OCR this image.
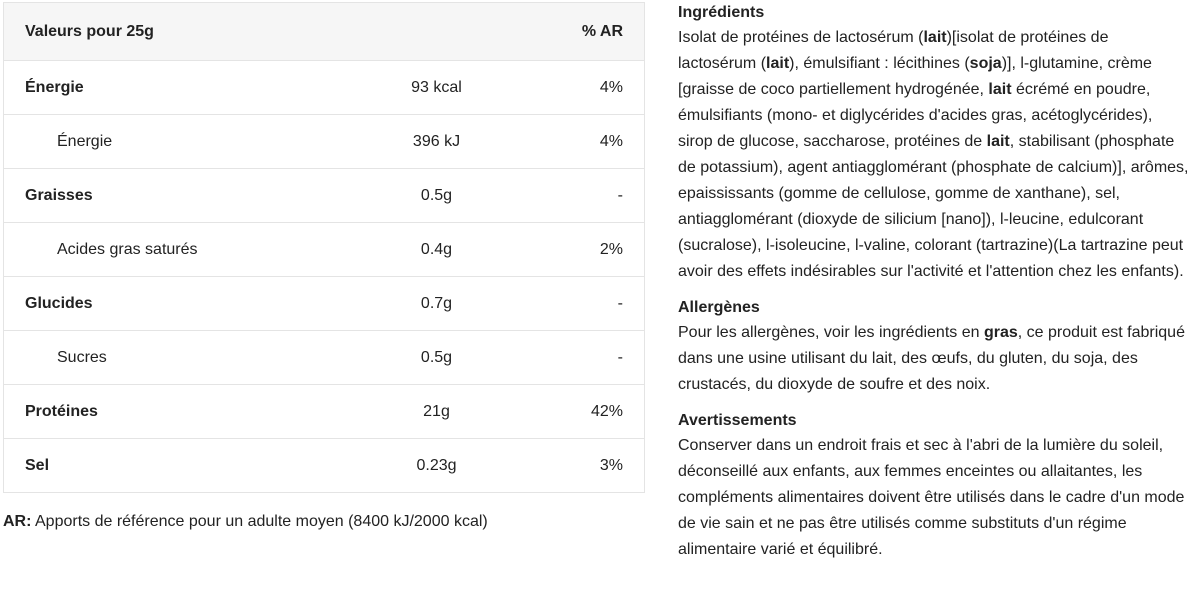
Valeurs pour 25g	% AR
Énergie	93 kcal	4%
Énergie	396 kJ	4%
Graisses	0.5g	-
Acides gras saturés	0.4g	2%
Glucides	0.7g	-
Sucres	0.5g	-
Protéines	21g	42%
Sel	0.23g	3%

AR: Apports de référence pour un adulte moyen (8400 kJ/2000 kcal)

Ingrédients

Isolat de protéines de lactosérum (lait)[isolat de protéines de lactosérum (lait), émulsifiant : lécithines (soja)], l-glutamine, crème [graisse de coco partiellement hydrogénée, lait écrémé en poudre, émulsifiants (mono- et diglycérides d'acides gras, acétoglycérides), sirop de glucose, saccharose, protéines de lait, stabilisant (phosphate de potassium), agent antiagglomérant (phosphate de calcium)], arômes, epaississants (gomme de cellulose, gomme de xanthane), sel, antiagglomérant (dioxyde de silicium [nano]), l-leucine, edulcorant (sucralose), l-isoleucine, l-valine, colorant (tartrazine)(La tartrazine peut avoir des effets indésirables sur l'activité et l'attention chez les enfants).

Allergènes

Pour les allergènes, voir les ingrédients en gras, ce produit est fabriqué dans une usine utilisant du lait, des œufs, du gluten, du soja, des crustacés, du dioxyde de soufre et des noix.

Avertissements

Conserver dans un endroit frais et sec à l'abri de la lumière du soleil, déconseillé aux enfants, aux femmes enceintes ou allaitantes, les compléments alimentaires doivent être utilisés dans le cadre d'un mode de vie sain et ne pas être utilisés comme substituts d'un régime alimentaire varié et équilibré.
